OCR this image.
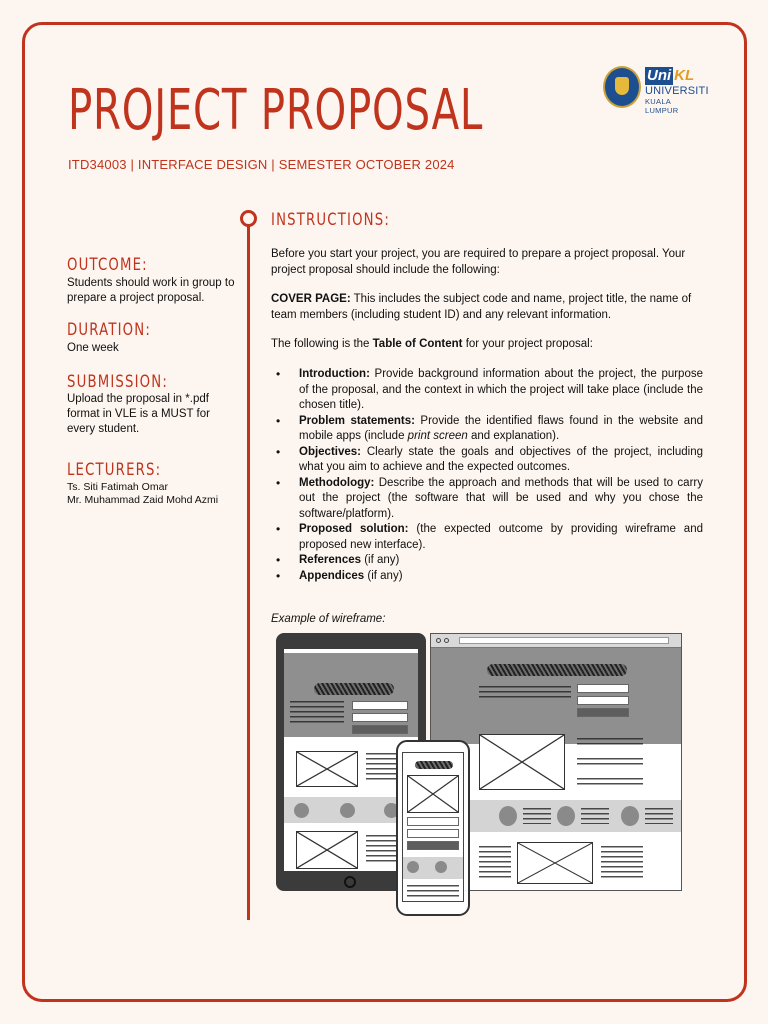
PROJECT PROPOSAL
ITD34003 | INTERFACE DESIGN | SEMESTER OCTOBER 2024
Uni KL
UNIVERSITI
KUALA LUMPUR
OUTCOME:
Students should work in group to prepare a project proposal.
DURATION:
One week
SUBMISSION:
Upload the proposal in *.pdf format in VLE is a MUST for every student.
LECTURERS:
Ts. Siti Fatimah Omar
Mr. Muhammad Zaid Mohd Azmi
INSTRUCTIONS:
Before you start your project, you are required to prepare a project proposal. Your project proposal should include the following:
COVER PAGE: This includes the subject code and name, project title, the name of team members (including student ID) and any relevant information.
The following is the Table of Content for your project proposal:
• Introduction: Provide background information about the project, the purpose of the proposal, and the context in which the project will take place (include the chosen title).
• Problem statements: Provide the identified flaws found in the website and mobile apps (include print screen and explanation).
• Objectives: Clearly state the goals and objectives of the project, including what you aim to achieve and the expected outcomes.
• Methodology: Describe the approach and methods that will be used to carry out the project (the software that will be used and why you chose the software/platform).
• Proposed solution: (the expected outcome by providing wireframe and proposed new interface).
• References (if any)
• Appendices (if any)
Example of wireframe:
